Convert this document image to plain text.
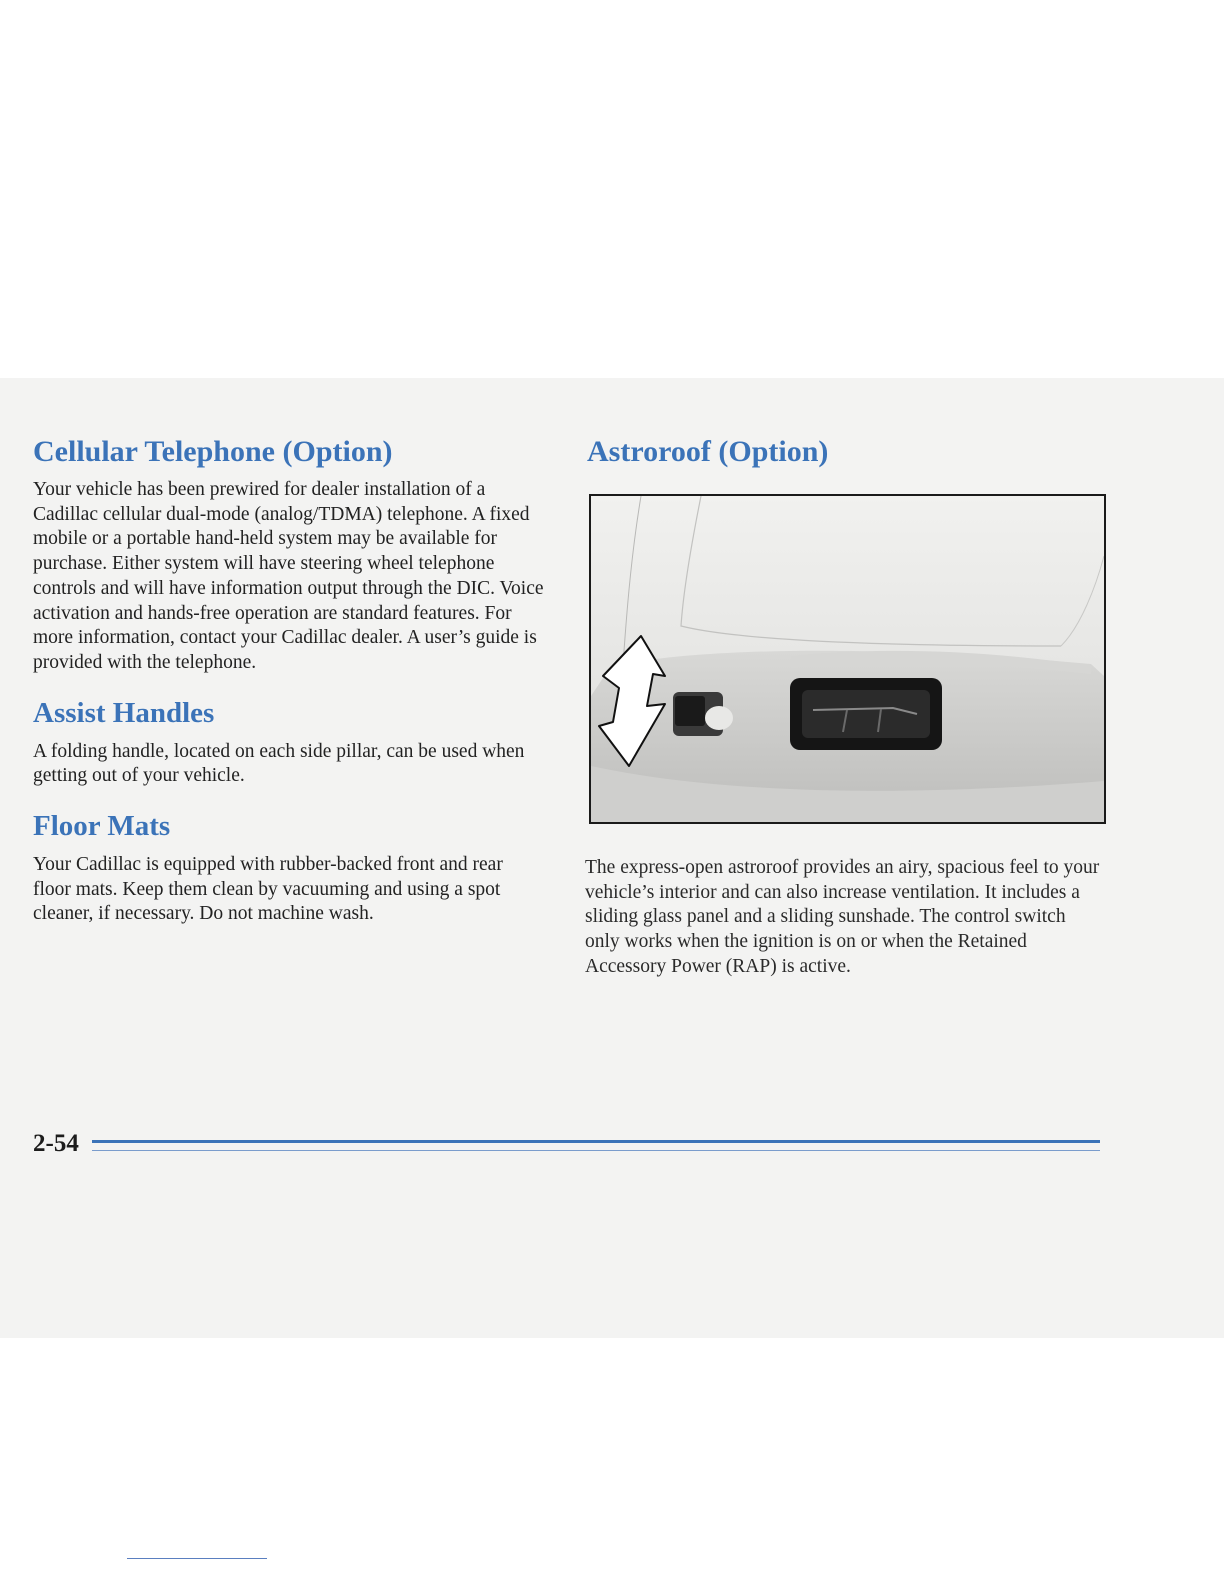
Cellular Telephone (Option)

Your vehicle has been prewired for dealer installation of a Cadillac cellular dual-mode (analog/TDMA) telephone. A fixed mobile or a portable hand-held system may be available for purchase. Either system will have steering wheel telephone controls and will have information output through the DIC. Voice activation and hands-free operation are standard features. For more information, contact your Cadillac dealer. A user’s guide is provided with the telephone.

Assist Handles

A folding handle, located on each side pillar, can be used when getting out of your vehicle.

Floor Mats

Your Cadillac is equipped with rubber-backed front and rear floor mats. Keep them clean by vacuuming and using a spot cleaner, if necessary. Do not machine wash.

Astroroof (Option)

The express-open astroroof provides an airy, spacious feel to your vehicle’s interior and can also increase ventilation. It includes a sliding glass panel and a sliding sunshade. The control switch only works when the ignition is on or when the Retained Accessory Power (RAP) is active.

2-54
